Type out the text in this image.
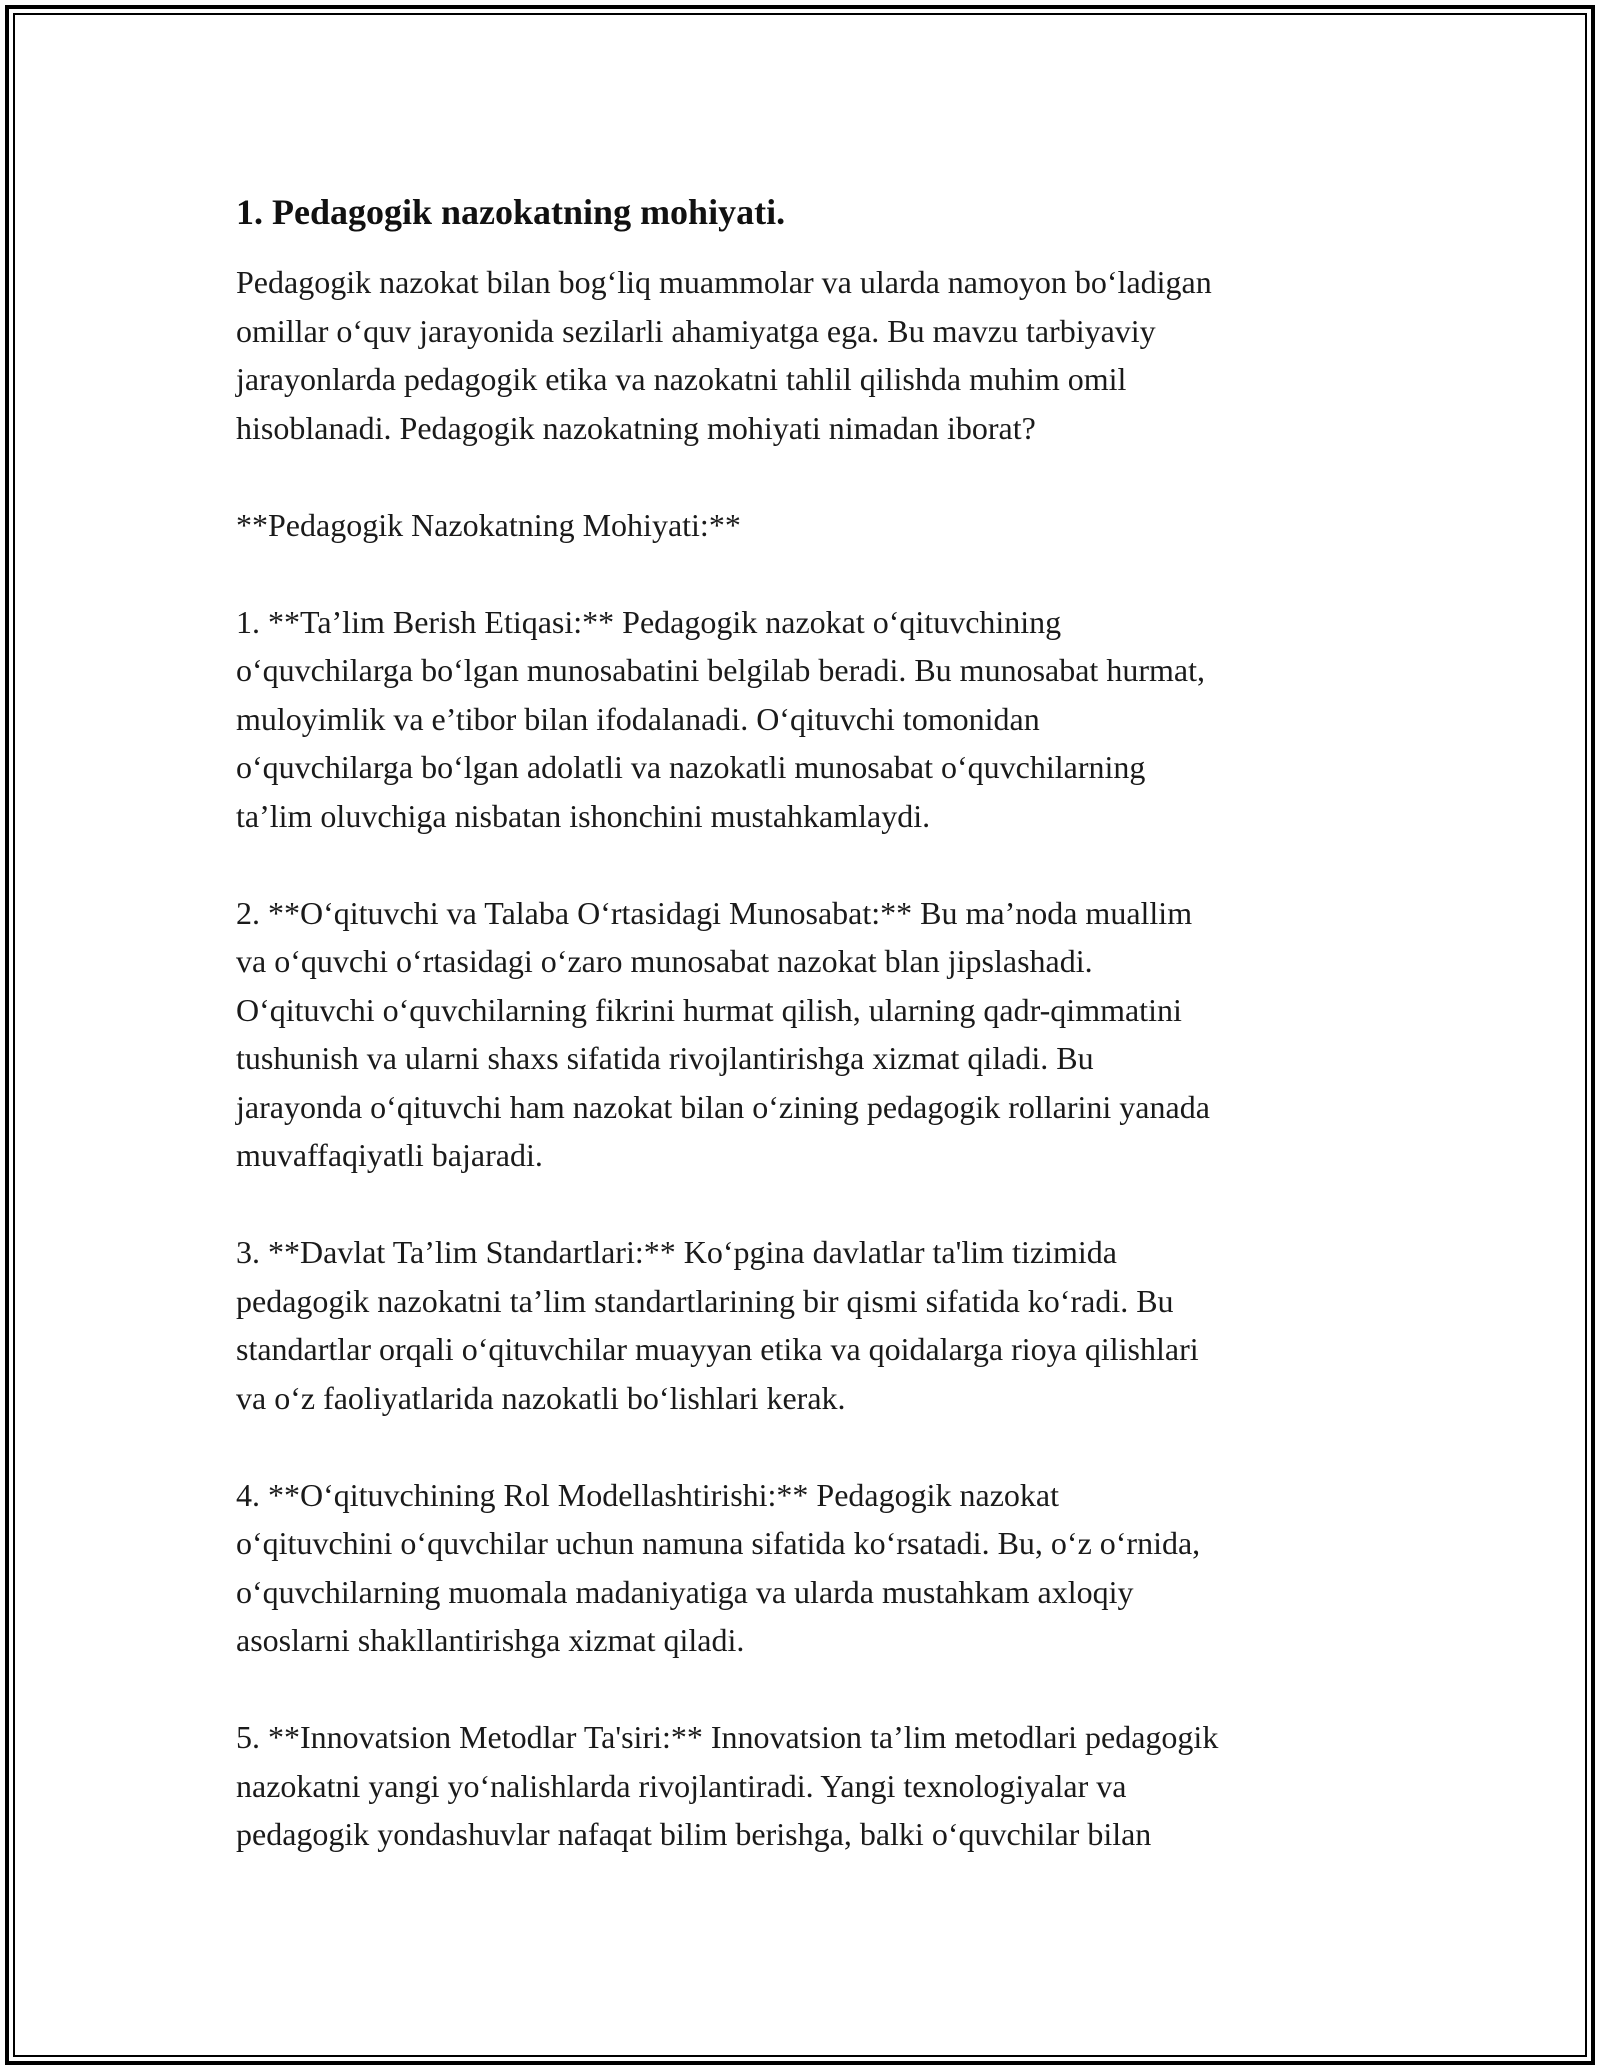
1. Pedagogik nazokatning mohiyati.

Pedagogik nazokat bilan bog‘liq muammolar va ularda namoyon bo‘ladigan
omillar o‘quv jarayonida sezilarli ahamiyatga ega. Bu mavzu tarbiyaviy
jarayonlarda pedagogik etika va nazokatni tahlil qilishda muhim omil
hisoblanadi. Pedagogik nazokatning mohiyati nimadan iborat?

**Pedagogik Nazokatning Mohiyati:**

1. **Ta’lim Berish Etiqasi:** Pedagogik nazokat o‘qituvchining
o‘quvchilarga bo‘lgan munosabatini belgilab beradi. Bu munosabat hurmat,
muloyimlik va e’tibor bilan ifodalanadi. O‘qituvchi tomonidan
o‘quvchilarga bo‘lgan adolatli va nazokatli munosabat o‘quvchilarning
ta’lim oluvchiga nisbatan ishonchini mustahkamlaydi.

2. **O‘qituvchi va Talaba O‘rtasidagi Munosabat:** Bu ma’noda muallim
va o‘quvchi o‘rtasidagi o‘zaro munosabat nazokat blan jipslashadi.
O‘qituvchi o‘quvchilarning fikrini hurmat qilish, ularning qadr-qimmatini
tushunish va ularni shaxs sifatida rivojlantirishga xizmat qiladi. Bu
jarayonda o‘qituvchi ham nazokat bilan o‘zining pedagogik rollarini yanada
muvaffaqiyatli bajaradi.

3. **Davlat Ta’lim Standartlari:** Ko‘pgina davlatlar ta'lim tizimida
pedagogik nazokatni ta’lim standartlarining bir qismi sifatida ko‘radi. Bu
standartlar orqali o‘qituvchilar muayyan etika va qoidalarga rioya qilishlari
va o‘z faoliyatlarida nazokatli bo‘lishlari kerak.

4. **O‘qituvchining Rol Modellashtirishi:** Pedagogik nazokat
o‘qituvchini o‘quvchilar uchun namuna sifatida ko‘rsatadi. Bu, o‘z o‘rnida,
o‘quvchilarning muomala madaniyatiga va ularda mustahkam axloqiy
asoslarni shakllantirishga xizmat qiladi.

5. **Innovatsion Metodlar Ta'siri:** Innovatsion ta’lim metodlari pedagogik
nazokatni yangi yo‘nalishlarda rivojlantiradi. Yangi texnologiyalar va
pedagogik yondashuvlar nafaqat bilim berishga, balki o‘quvchilar bilan
